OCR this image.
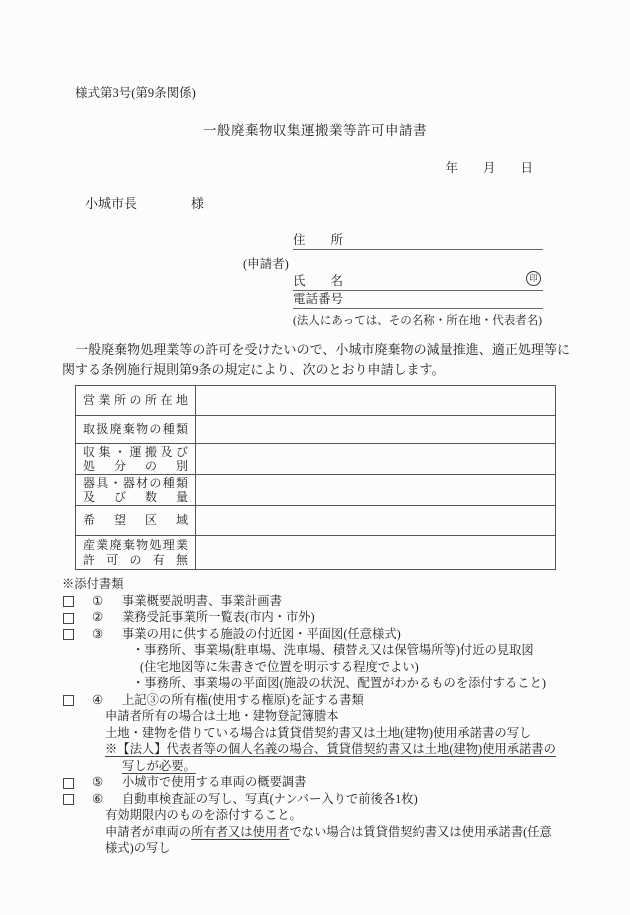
様式第3号(第9条関係)
一般廃棄物収集運搬業等許可申請書
年　　月　　日
小城市長	様
(申請者)
住　　所
氏　　名	印
電話番号
(法人にあっては、その名称・所在地・代表者名)
　一般廃棄物処理業等の許可を受けたいので、小城市廃棄物の減量推進、適正処理等に関する条例施行規則第9条の規定により、次のとおり申請します。
営業所の所在地
取扱廃棄物の種類
収集・運搬及び
処分の別
器具・器材の種類
及び数量
希望区域
産業廃棄物処理業
許可の有無
※添付書類
① 事業概要説明書、事業計画書
② 業務受託事業所一覧表(市内・市外)
③ 事業の用に供する施設の付近図・平面図(任意様式)
・事務所、事業場(駐車場、洗車場、積替え又は保管場所等)付近の見取図
(住宅地図等に朱書きで位置を明示する程度でよい)
・事務所、事業場の平面図(施設の状況、配置がわかるものを添付すること)
④ 上記③の所有権(使用する権原)を証する書類
申請者所有の場合は土地・建物登記簿謄本
土地・建物を借りている場合は賃貸借契約書又は土地(建物)使用承諾書の写し
※【法人】代表者等の個人名義の場合、賃貸借契約書又は土地(建物)使用承諾書の
写しが必要。
⑤ 小城市で使用する車両の概要調書
⑥ 自動車検査証の写し、写真(ナンバー入りで前後各1枚)
有効期限内のものを添付すること。
申請者が車両の所有者又は使用者でない場合は賃貸借契約書又は使用承諾書(任意
様式)の写し
